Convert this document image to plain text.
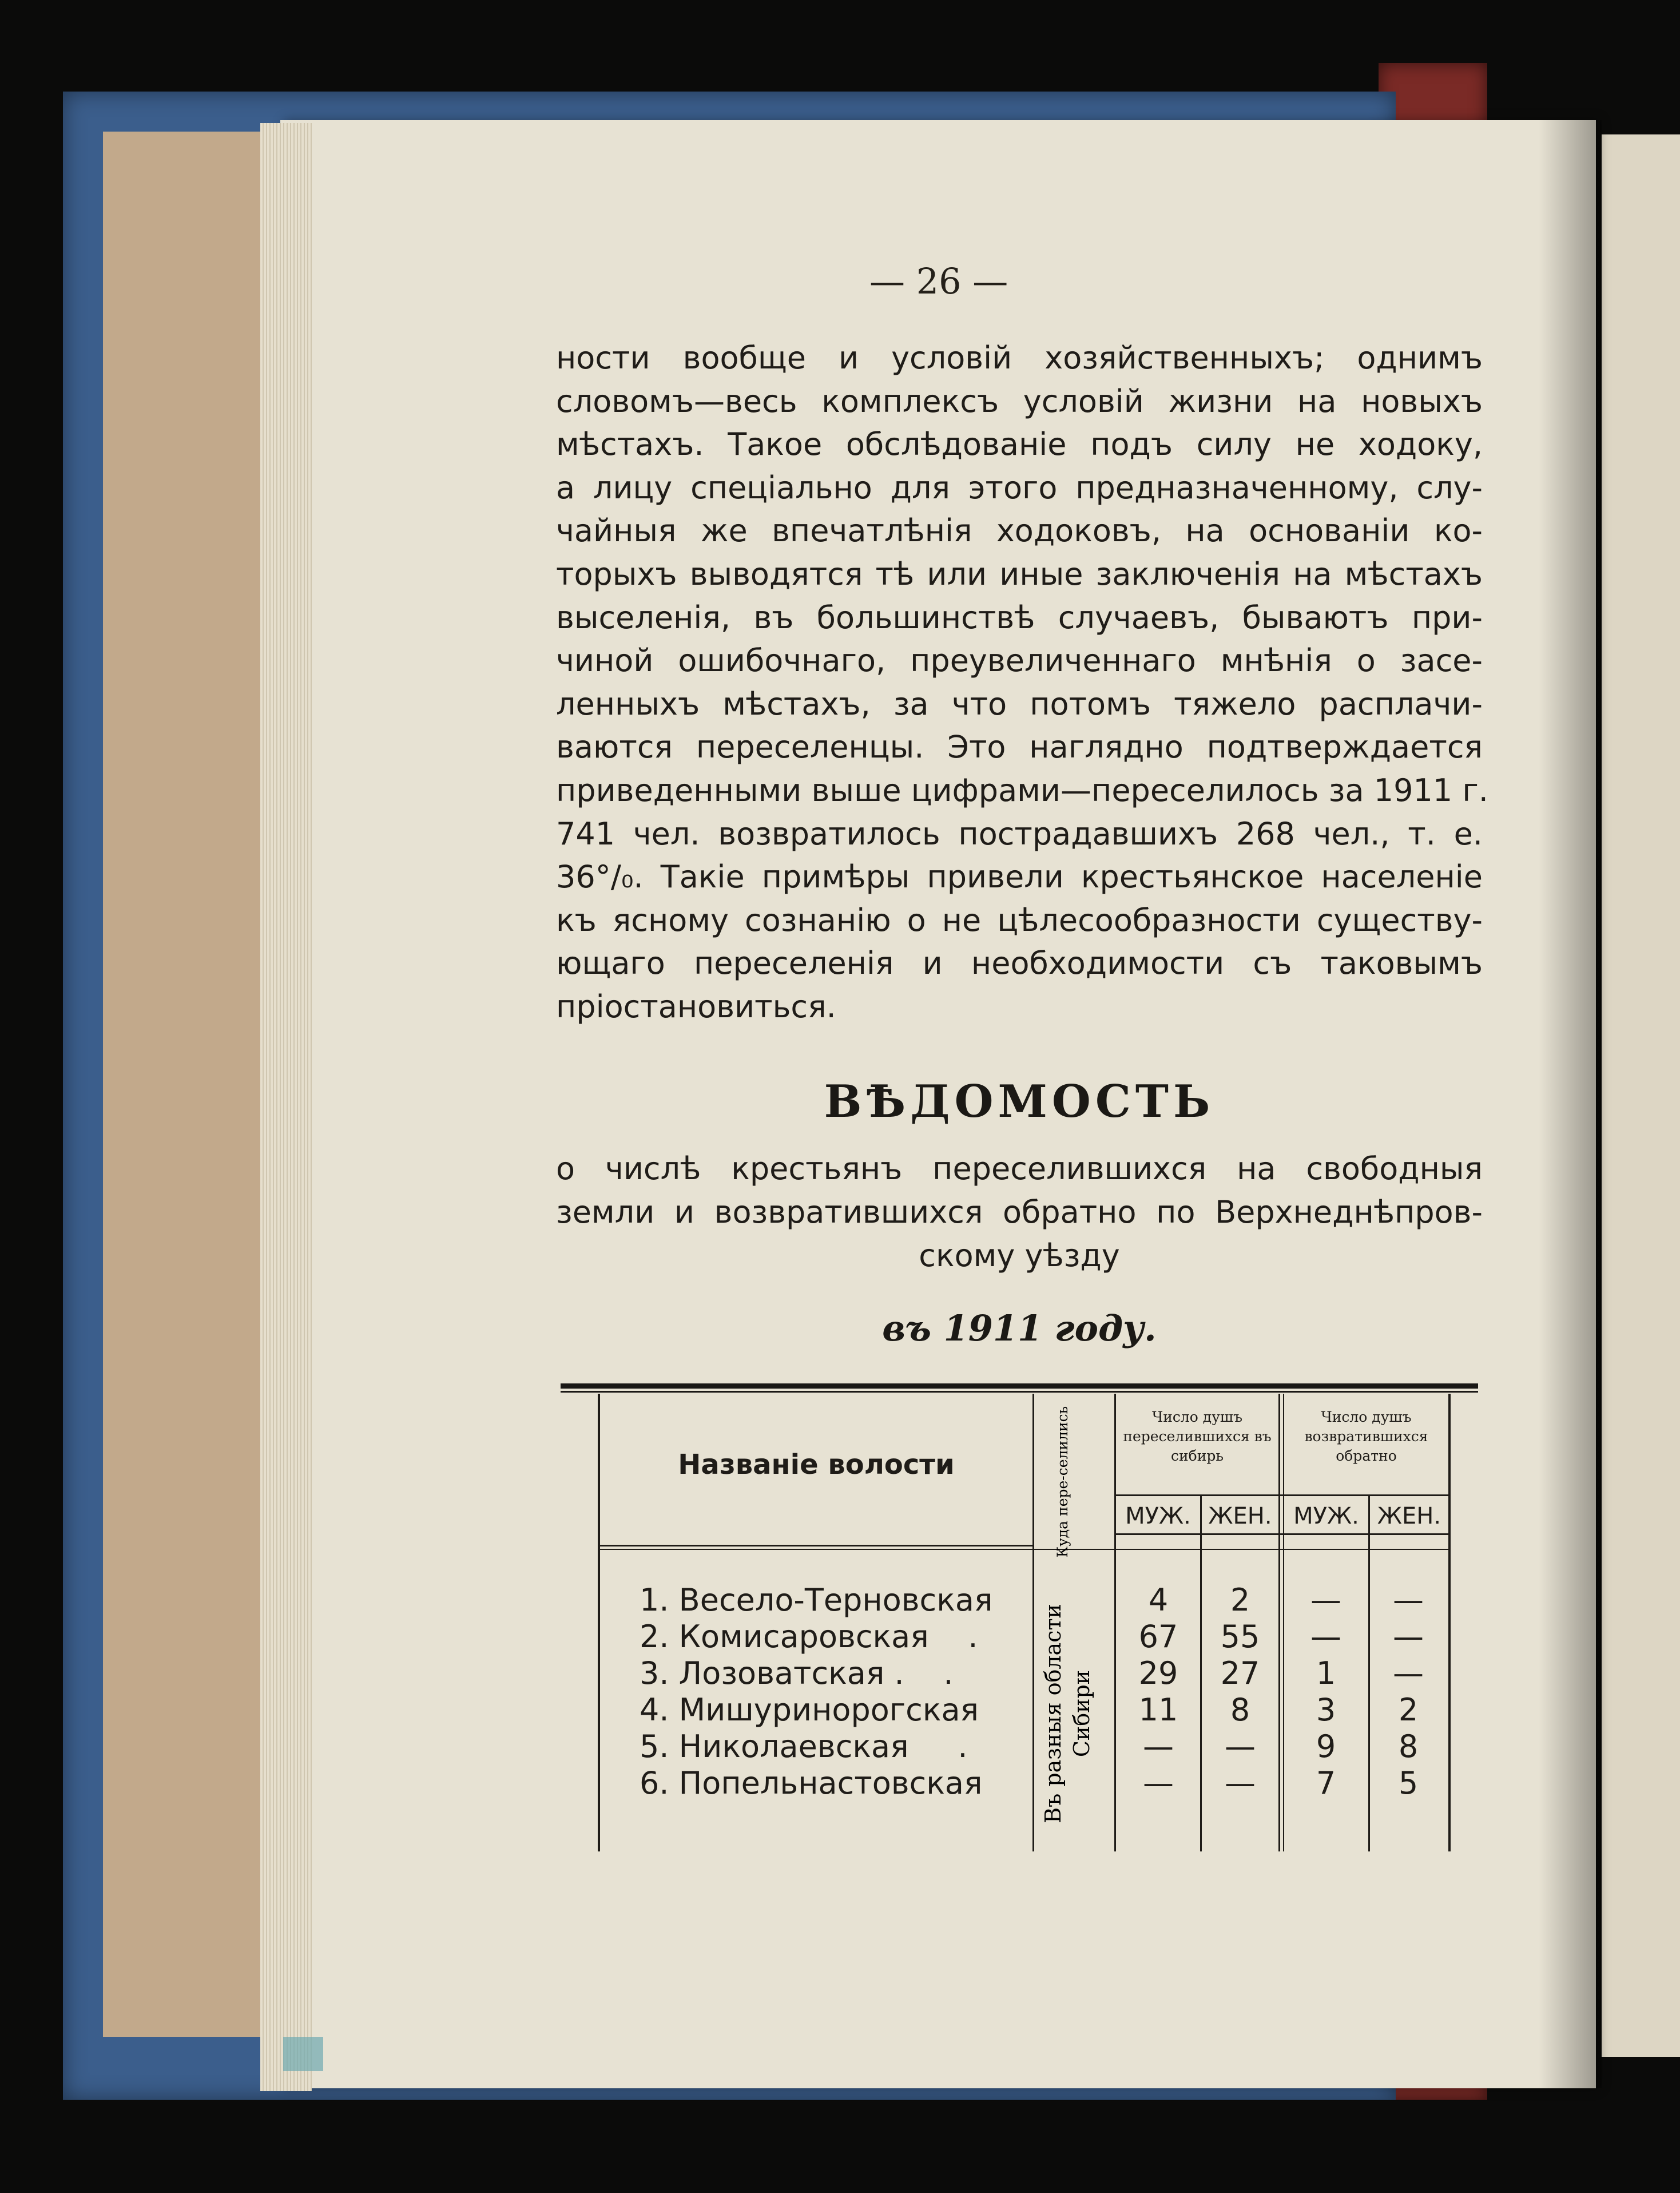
— 26 —
ности вообще и условій хозяйственныхъ; однимъ
словомъ—весь комплексъ условій жизни на новыхъ
мѣстахъ. Такое обслѣдованіе подъ силу не ходоку,
а лицу спеціально для этого предназначенному, слу-
чайныя же впечатлѣнія ходоковъ, на основаніи ко-
торыхъ выводятся тѣ или иные заключенія на мѣстахъ
выселенія, въ большинствѣ случаевъ, бываютъ при-
чиной ошибочнаго, преувеличеннаго мнѣнія о засе-
ленныхъ мѣстахъ, за что потомъ тяжело расплачи-
ваются переселенцы. Это наглядно подтверждается
приведенными выше цифрами—переселилось за 1911 г.
741 чел. возвратилось пострадавшихъ 268 чел., т. е.
36°/₀. Такіе примѣры привели крестьянское населеніе
къ ясному сознанію о не цѣлесообразности существу-
ющаго переселенія и необходимости съ таковымъ
пріостановиться.
ВѢДОМОСТЬ
о числѣ крестьянъ переселившихся на свободныя
земли и возвратившихся обратно по Верхнеднѣпров-
скому уѣзду
въ 1911 году.
Названіе волости	Куда пере-селились	Число душъ переселившихся въ сибирь
Число душъ возвратившихся обратно
МУЖ. ЖЕН. МУЖ. ЖЕН.
Въ разныя области Сибири
1. Весело-Терновская	4	2	—	—
2. Комисаровская    .	67	55	—	—
3. Лозоватская .    .	29	27	1	—
4. Мишуринорогская	11	8	3	2
5. Николаевская     .	—	—	9	8
6. Попельнастовская	—	—	7	5
